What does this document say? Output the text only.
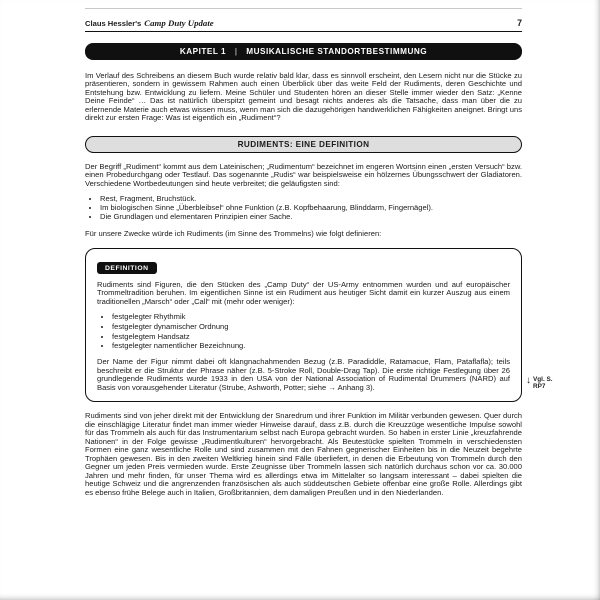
Claus Hessler's Camp Duty Update	7
KAPITEL 1 | MUSIKALISCHE STANDORTBESTIMMUNG

Im Verlauf des Schreibens an diesem Buch wurde relativ bald klar, dass es sinnvoll erscheint, den Lesern nicht nur die Stücke zu präsentieren, sondern in gewissem Rahmen auch einen Überblick über das weite Feld der Rudiments, deren Geschichte und Entstehung bzw. Entwicklung zu liefern. Meine Schüler und Studenten hören an dieser Stelle immer wieder den Satz: „Kenne Deine Feinde“ … Das ist natürlich überspitzt gemeint und besagt nichts anderes als die Tatsache, dass man über die zu erlernende Materie auch etwas wissen muss, wenn man sich die dazugehörigen handwerklichen Fähigkeiten aneignet. Bringt uns direkt zur ersten Frage: Was ist eigentlich ein „Rudiment“?

RUDIMENTS: EINE DEFINITION

Der Begriff „Rudiment“ kommt aus dem Lateinischen; „Rudimentum“ bezeichnet im engeren Wortsinn einen „ersten Versuch“ bzw. einen Probedurchgang oder Testlauf. Das sogenannte „Rudis“ war beispielsweise ein hölzernes Übungsschwert der Gladiatoren. Verschiedene Wortbedeutungen sind heute verbreitet; die geläufigsten sind:

• Rest, Fragment, Bruchstück.
• Im biologischen Sinne „Überbleibsel“ ohne Funktion (z.B. Kopfbehaarung, Blinddarm, Fingernägel).
• Die Grundlagen und elementaren Prinzipien einer Sache.

Für unsere Zwecke würde ich Rudiments (im Sinne des Trommelns) wie folgt definieren:

DEFINITION

Rudiments sind Figuren, die den Stücken des „Camp Duty“ der US-Army entnommen wurden und auf europäischer Trommeltradition beruhen. Im eigentlichen Sinne ist ein Rudiment aus heutiger Sicht damit ein kurzer Auszug aus einem traditionellen „Marsch“ oder „Call“ mit (mehr oder weniger):

• festgelegter Rhythmik
• festgelegter dynamischer Ordnung
• festgelegtem Handsatz
• festgelegter namentlicher Bezeichnung.

Der Name der Figur nimmt dabei oft klangnachahmenden Bezug (z.B. Paradiddle, Ratamacue, Flam, Pataflafla); teils beschreibt er die Struktur der Phrase näher (z.B. 5-Stroke Roll, Double-Drag Tap). Die erste richtige Festlegung über 26 grundlegende Rudiments wurde 1933 in den USA von der National Association of Rudimental Drummers (NARD) auf Basis von vorausgehender Literatur (Strube, Ashworth, Potter; siehe → Anhang 3).

↓ Vgl. S. RP7

Rudiments sind von jeher direkt mit der Entwicklung der Snaredrum und ihrer Funktion im Militär verbunden gewesen. Quer durch die einschlägige Literatur findet man immer wieder Hinweise darauf, dass z.B. durch die Kreuzzüge wesentliche Impulse sowohl für das Trommeln als auch für das Instrumentarium selbst nach Europa gebracht wurden. So haben in erster Linie „kreuzfahrende Nationen“ in der Folge gewisse „Rudimentkulturen“ hervorgebracht. Als Beutestücke spielten Trommeln in verschiedensten Formen eine ganz wesentliche Rolle und sind zusammen mit den Fahnen gegnerischer Einheiten bis in die Neuzeit begehrte Trophäen gewesen. Bis in den zweiten Weltkrieg hinein sind Fälle überliefert, in denen die Erbeutung von Trommeln durch den Gegner um jeden Preis vermieden wurde. Erste Zeugnisse über Trommeln lassen sich natürlich durchaus schon vor ca. 30.000 Jahren und mehr finden, für unser Thema wird es allerdings etwa im Mittelalter so langsam interessant – dabei spielten die heutige Schweiz und die angrenzenden französischen als auch süddeutschen Gebiete offenbar eine große Rolle. Allerdings gibt es ebenso frühe Belege auch in Italien, Großbritannien, dem damaligen Preußen und in den Niederlanden.
